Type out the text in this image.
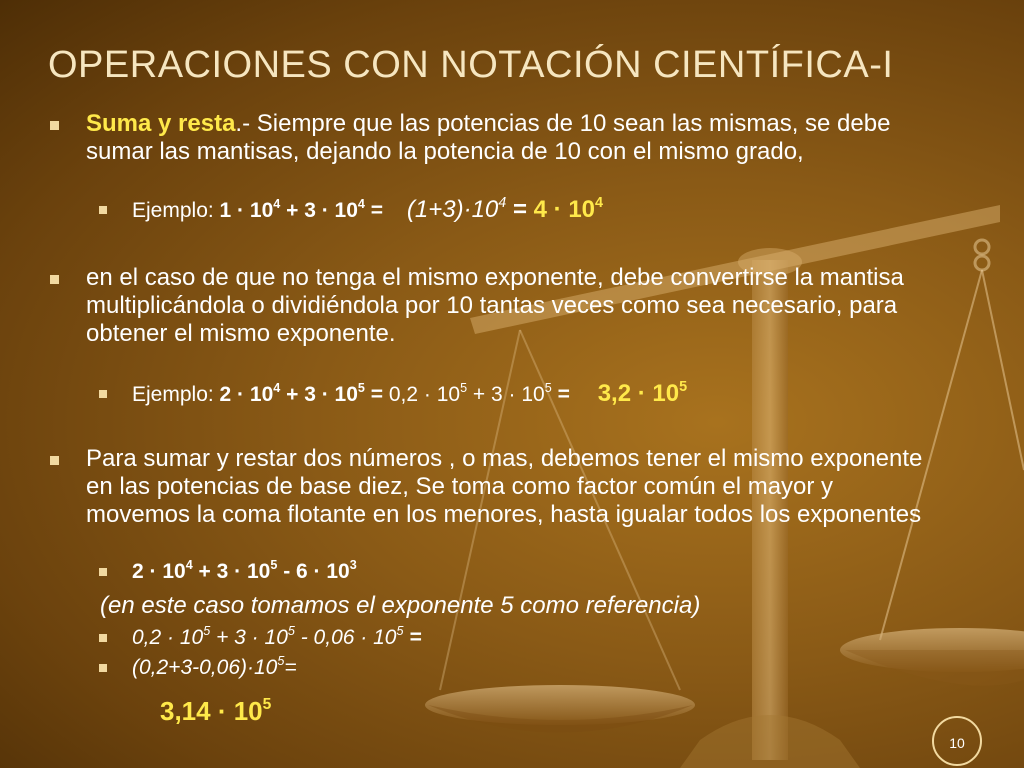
OPERACIONES CON NOTACIÓN CIENTÍFICA-I
Suma y resta.- Siempre que las potencias de 10 sean las mismas, se debe sumar las mantisas, dejando la potencia de 10 con el mismo grado,
Ejemplo: $1 \cdot 10^4 + 3 \cdot 10^4 = (1+3)\cdot 10^4 = 4 \cdot 10^4$
en el caso de que no tenga el mismo exponente, debe convertirse la mantisa multiplicándola o dividiéndola por 10 tantas veces como sea necesario, para obtener el mismo exponente.
Ejemplo: $2 \cdot 10^4 + 3 \cdot 10^5 = 0,2 \cdot 10^5 + 3 \cdot 10^5 = 3,2 \cdot 10^5$
Para sumar y restar dos números , o mas, debemos tener el mismo exponente en las potencias de base diez, Se toma como factor común el mayor y movemos la coma flotante en los menores, hasta igualar todos los exponentes
$2 \cdot 10^4 + 3 \cdot 10^5 - 6 \cdot 10^3$
(en este caso tomamos el exponente 5 como referencia)
$0,2 \cdot 10^5 + 3 \cdot 10^5 - 0,06 \cdot 10^5$ =
$(0,2+3-0,06)\cdot 10^5=$
$3,14 \cdot 10^5$
10
